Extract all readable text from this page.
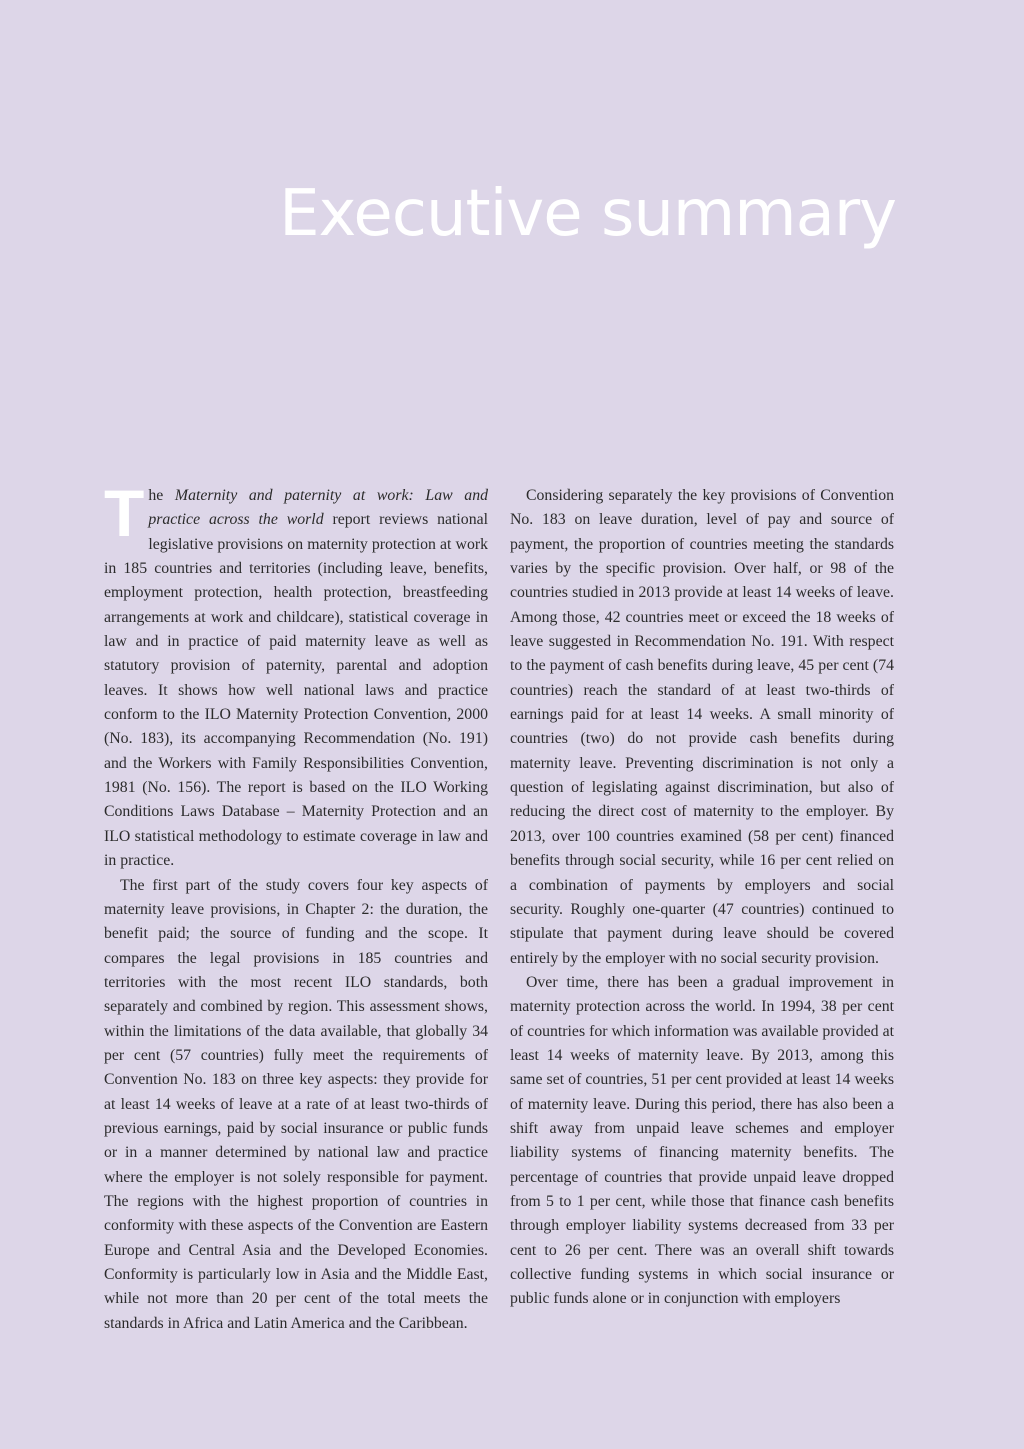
Executive summary

The Maternity and paternity at work: Law and practice across the world report reviews national legislative provisions on maternity protection at work in 185 countries and territories (including leave, benefits, employment protection, health protection, breastfeeding arrangements at work and childcare), statistical coverage in law and in practice of paid maternity leave as well as statutory provision of paternity, parental and adoption leaves. It shows how well national laws and practice conform to the ILO Maternity Protection Convention, 2000 (No. 183), its accompanying Recommendation (No. 191) and the Workers with Family Responsibilities Convention, 1981 (No. 156). The report is based on the ILO Working Conditions Laws Database – Maternity Protection and an ILO statistical methodology to estimate coverage in law and in practice.

The first part of the study covers four key aspects of maternity leave provisions, in Chapter 2: the duration, the benefit paid; the source of funding and the scope. It compares the legal provisions in 185 countries and territories with the most recent ILO standards, both separately and combined by region. This assessment shows, within the limitations of the data available, that globally 34 per cent (57 countries) fully meet the requirements of Convention No. 183 on three key aspects: they provide for at least 14 weeks of leave at a rate of at least two-thirds of previous earnings, paid by social insurance or public funds or in a manner determined by national law and practice where the employer is not solely responsible for payment. The regions with the highest proportion of countries in conformity with these aspects of the Convention are Eastern Europe and Central Asia and the Developed Economies. Conformity is particularly low in Asia and the Middle East, while not more than 20 per cent of the total meets the standards in Africa and Latin America and the Caribbean.

Considering separately the key provisions of Convention No. 183 on leave duration, level of pay and source of payment, the proportion of countries meeting the standards varies by the specific provision. Over half, or 98 of the countries studied in 2013 provide at least 14 weeks of leave. Among those, 42 countries meet or exceed the 18 weeks of leave suggested in Recommendation No. 191. With respect to the payment of cash benefits during leave, 45 per cent (74 countries) reach the standard of at least two-thirds of earnings paid for at least 14 weeks. A small minority of countries (two) do not provide cash benefits during maternity leave. Preventing discrimination is not only a question of legislating against discrimination, but also of reducing the direct cost of maternity to the employer. By 2013, over 100 countries examined (58 per cent) financed benefits through social security, while 16 per cent relied on a combination of payments by employers and social security. Roughly one-quarter (47 countries) continued to stipulate that payment during leave should be covered entirely by the employer with no social security provision.

Over time, there has been a gradual improvement in maternity protection across the world. In 1994, 38 per cent of countries for which information was available provided at least 14 weeks of maternity leave. By 2013, among this same set of countries, 51 per cent provided at least 14 weeks of maternity leave. During this period, there has also been a shift away from unpaid leave schemes and employer liability systems of financing maternity benefits. The percentage of countries that provide unpaid leave dropped from 5 to 1 per cent, while those that finance cash benefits through employer liability systems decreased from 33 per cent to 26 per cent. There was an overall shift towards collective funding systems in which social insurance or public funds alone or in conjunction with employers
